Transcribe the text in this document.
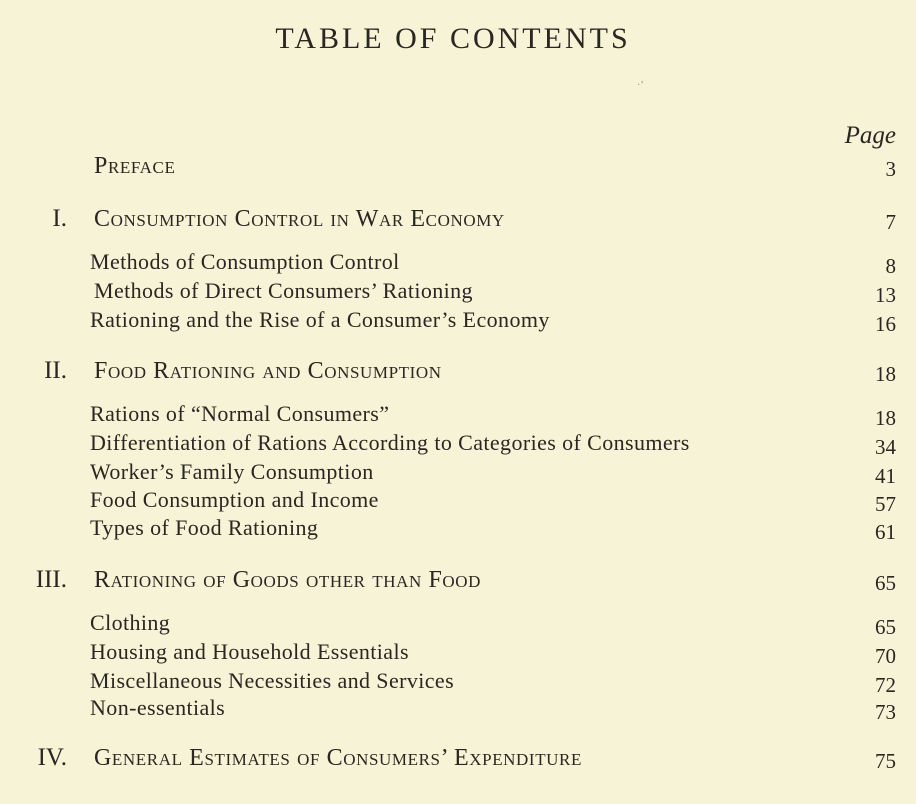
TABLE OF CONTENTS
·ʼ
Page
Preface	3
I. Consumption Control in War Economy	7
Methods of Consumption Control	8
Methods of Direct Consumers’ Rationing	13
Rationing and the Rise of a Consumer’s Economy	16
II. Food Rationing and Consumption	18
Rations of “Normal Consumers”	18
Differentiation of Rations According to Categories of Consumers	34
Worker’s Family Consumption	41
Food Consumption and Income	57
Types of Food Rationing	61
III. Rationing of Goods other than Food	65
Clothing	65
Housing and Household Essentials	70
Miscellaneous Necessities and Services	72
Non-essentials	73
IV. General Estimates of Consumers’ Expenditure	75
